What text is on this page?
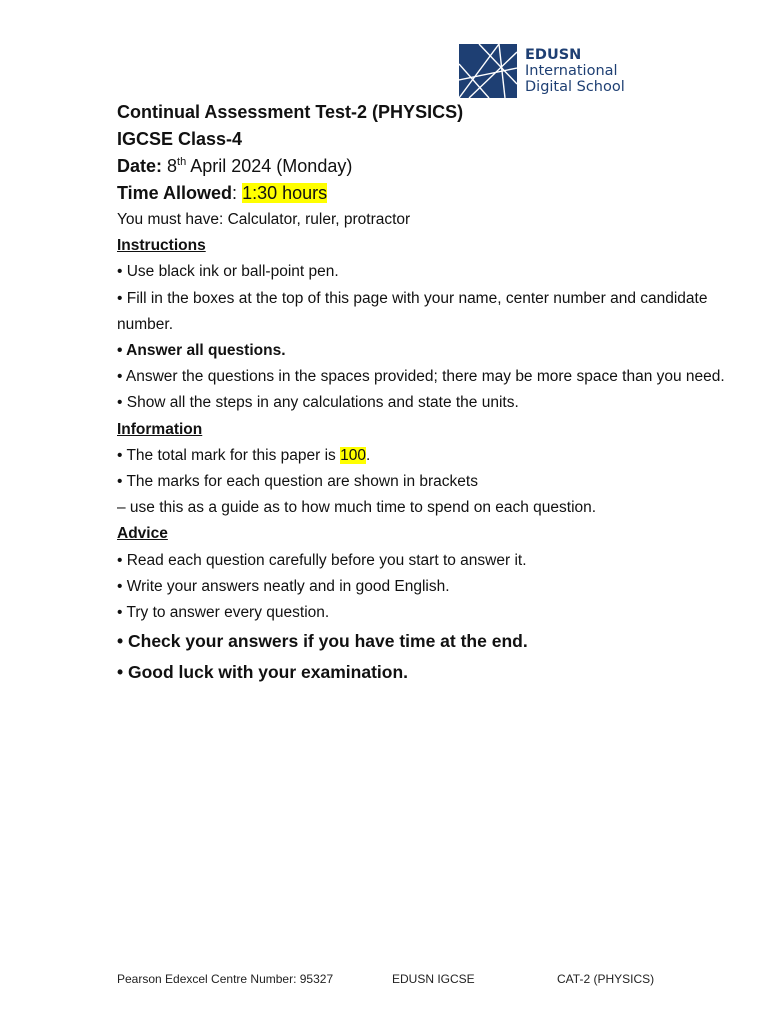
EDUSN
International
Digital School
Continual Assessment Test-2 (PHYSICS)
IGCSE Class-4
Date: 8th April 2024 (Monday)
Time Allowed: 1:30 hours
You must have: Calculator, ruler, protractor
Instructions
• Use black ink or ball-point pen.
• Fill in the boxes at the top of this page with your name, center number and candidate number.
• Answer all questions.
• Answer the questions in the spaces provided; there may be more space than you need.
• Show all the steps in any calculations and state the units.
Information
• The total mark for this paper is 100.
• The marks for each question are shown in brackets
– use this as a guide as to how much time to spend on each question.
Advice
• Read each question carefully before you start to answer it.
• Write your answers neatly and in good English.
• Try to answer every question.
• Check your answers if you have time at the end.
• Good luck with your examination.
Pearson Edexcel Centre Number: 95327	EDUSN IGCSE	CAT-2 (PHYSICS)
